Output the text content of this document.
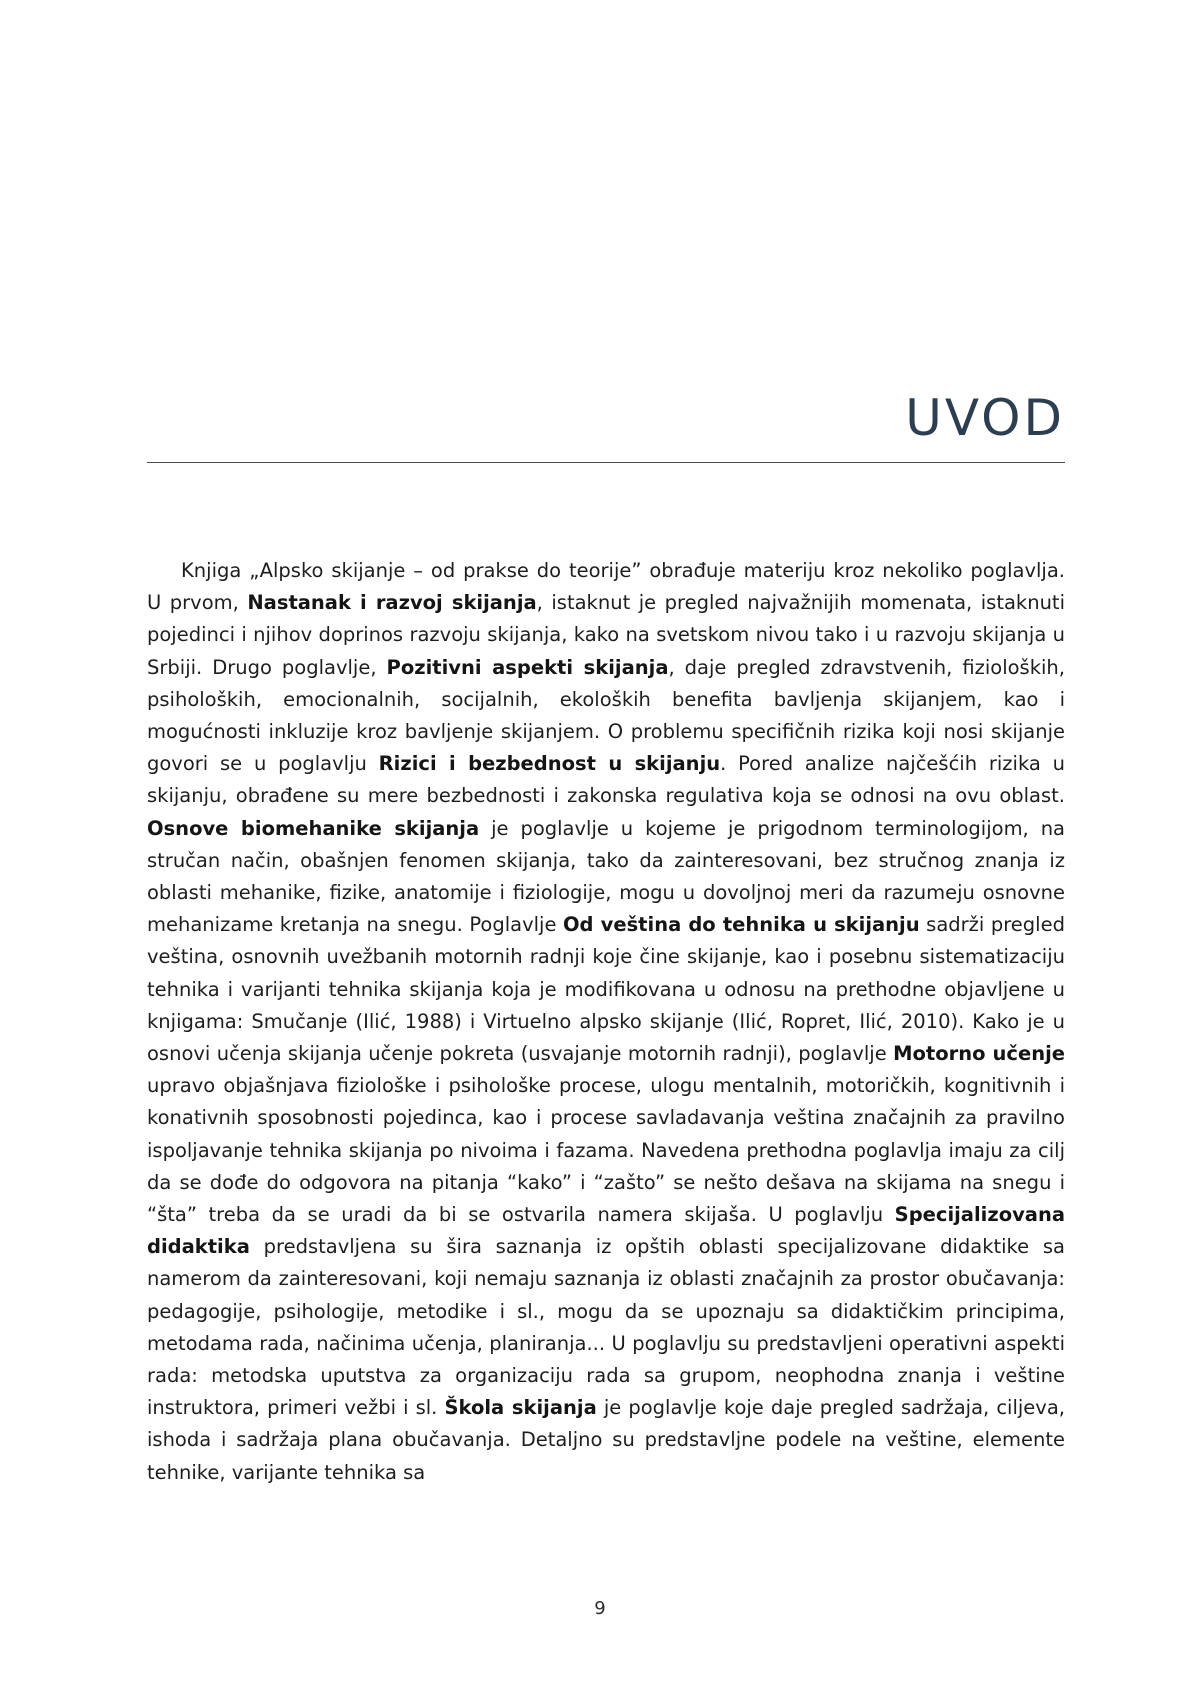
UVOD

Knjiga „Alpsko skijanje – od prakse do teorije” obrađuje materiju kroz nekoliko poglavlja. U prvom, Nastanak i razvoj skijanja, istaknut je pregled najvažnijih momenata, istaknuti pojedinci i njihov doprinos razvoju skijanja, kako na svetskom nivou tako i u razvoju skijanja u Srbiji. Drugo poglavlje, Pozitivni aspekti skijanja, daje pregled zdravstvenih, fizioloških, psiholoških, emocionalnih, socijalnih, ekoloških benefita bavljenja skijanjem, kao i mogućnosti inkluzije kroz bavljenje skijanjem. O problemu specifičnih rizika koji nosi skijanje govori se u poglavlju Rizici i bezbednost u skijanju. Pored analize najčešćih rizika u skijanju, obrađene su mere bezbednosti i zakonska regulativa koja se odnosi na ovu oblast. Osnove biomehanike skijanja je poglavlje u kojeme je prigodnom terminologijom, na stručan način, obašnjen fenomen skijanja, tako da zainteresovani, bez stručnog znanja iz oblasti mehanike, fizike, anatomije i fiziologije, mogu u dovoljnoj meri da razumeju osnovne mehanizame kretanja na snegu. Poglavlje Od veština do tehnika u skijanju sadrži pregled veština, osnovnih uvežbanih motornih radnji koje čine skijanje, kao i posebnu sistematizaciju tehnika i varijanti tehnika skijanja koja je modifikovana u odnosu na prethodne objavljene u knjigama: Smučanje (Ilić, 1988) i Virtuelno alpsko skijanje (Ilić, Ropret, Ilić, 2010). Kako je u osnovi učenja skijanja učenje pokreta (usvajanje motornih radnji), poglavlje Motorno učenje upravo objašnjava fiziološke i psihološke procese, ulogu mentalnih, motoričkih, kognitivnih i konativnih sposobnosti pojedinca, kao i procese savladavanja veština značajnih za pravilno ispoljavanje tehnika skijanja po nivoima i fazama. Navedena prethodna poglavlja imaju za cilj da se dođe do odgovora na pitanja “kako” i “zašto” se nešto dešava na skijama na snegu i “šta” treba da se uradi da bi se ostvarila namera skijaša. U poglavlju Specijalizovana didaktika predstavljena su šira saznanja iz opštih oblasti specijalizovane didaktike sa namerom da zainteresovani, koji nemaju saznanja iz oblasti značajnih za prostor obučavanja: pedagogije, psihologije, metodike i sl., mogu da se upoznaju sa didaktičkim principima, metodama rada, načinima učenja, planiranja... U poglavlju su predstavljeni operativni aspekti rada: metodska uputstva za organizaciju rada sa grupom, neophodna znanja i veštine instruktora, primeri vežbi i sl. Škola skijanja je poglavlje koje daje pregled sadržaja, ciljeva, ishoda i sadržaja plana obučavanja. Detaljno su predstavljne podele na veštine, elemente tehnike, varijante tehnika sa

9
